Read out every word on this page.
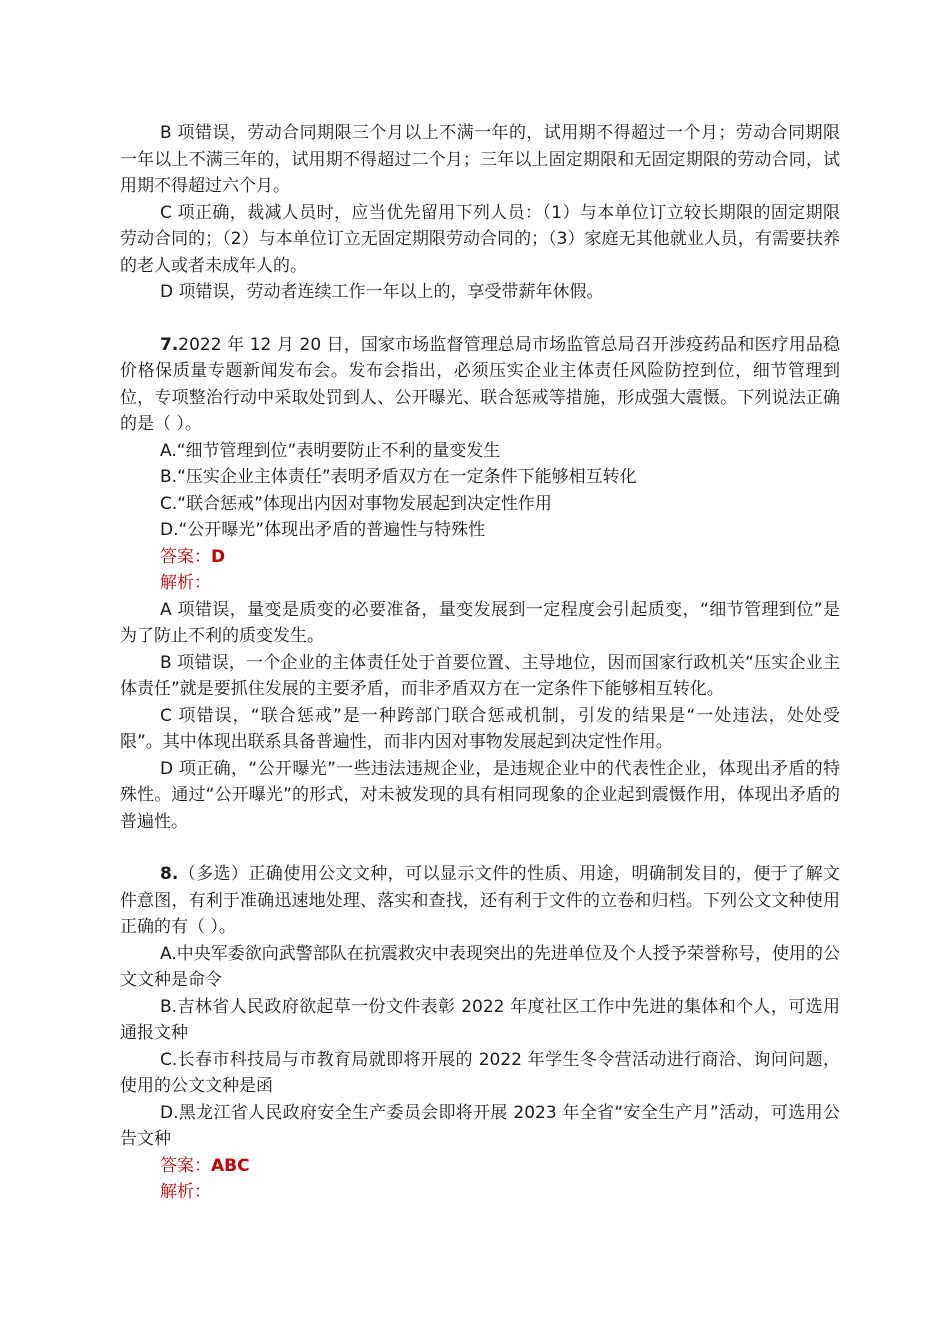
B 项错误，劳动合同期限三个月以上不满一年的，试用期不得超过一个月；劳动合同期限一年以上不满三年的，试用期不得超过二个月；三年以上固定期限和无固定期限的劳动合同，试用期不得超过六个月。

C 项正确，裁减人员时，应当优先留用下列人员：（1）与本单位订立较长期限的固定期限劳动合同的；（2）与本单位订立无固定期限劳动合同的；（3）家庭无其他就业人员，有需要扶养的老人或者未成年人的。

D 项错误，劳动者连续工作一年以上的，享受带薪年休假。

7.2022 年 12 月 20 日，国家市场监督管理总局市场监管总局召开涉疫药品和医疗用品稳价格保质量专题新闻发布会。发布会指出，必须压实企业主体责任风险防控到位，细节管理到位，专项整治行动中采取处罚到人、公开曝光、联合惩戒等措施，形成强大震慑。下列说法正确的是（ ）。

A.“细节管理到位”表明要防止不利的量变发生

B.“压实企业主体责任”表明矛盾双方在一定条件下能够相互转化

C.“联合惩戒”体现出内因对事物发展起到决定性作用

D.“公开曝光”体现出矛盾的普遍性与特殊性

答案：D

解析：

A 项错误，量变是质变的必要准备，量变发展到一定程度会引起质变，“细节管理到位”是为了防止不利的质变发生。

B 项错误，一个企业的主体责任处于首要位置、主导地位，因而国家行政机关“压实企业主体责任”就是要抓住发展的主要矛盾，而非矛盾双方在一定条件下能够相互转化。

C 项错误，“联合惩戒”是一种跨部门联合惩戒机制，引发的结果是“一处违法，处处受限”。其中体现出联系具备普遍性，而非内因对事物发展起到决定性作用。

D 项正确，“公开曝光”一些违法违规企业，是违规企业中的代表性企业，体现出矛盾的特殊性。通过“公开曝光”的形式，对未被发现的具有相同现象的企业起到震慑作用，体现出矛盾的普遍性。

8.（多选）正确使用公文文种，可以显示文件的性质、用途，明确制发目的，便于了解文件意图，有利于准确迅速地处理、落实和查找，还有利于文件的立卷和归档。下列公文文种使用正确的有（ ）。

A.中央军委欲向武警部队在抗震救灾中表现突出的先进单位及个人授予荣誉称号，使用的公文文种是命令

B.吉林省人民政府欲起草一份文件表彰 2022 年度社区工作中先进的集体和个人，可选用通报文种

C.长春市科技局与市教育局就即将开展的 2022 年学生冬令营活动进行商洽、询问问题，使用的公文文种是函

D.黑龙江省人民政府安全生产委员会即将开展 2023 年全省“安全生产月”活动，可选用公告文种

答案：ABC

解析：
